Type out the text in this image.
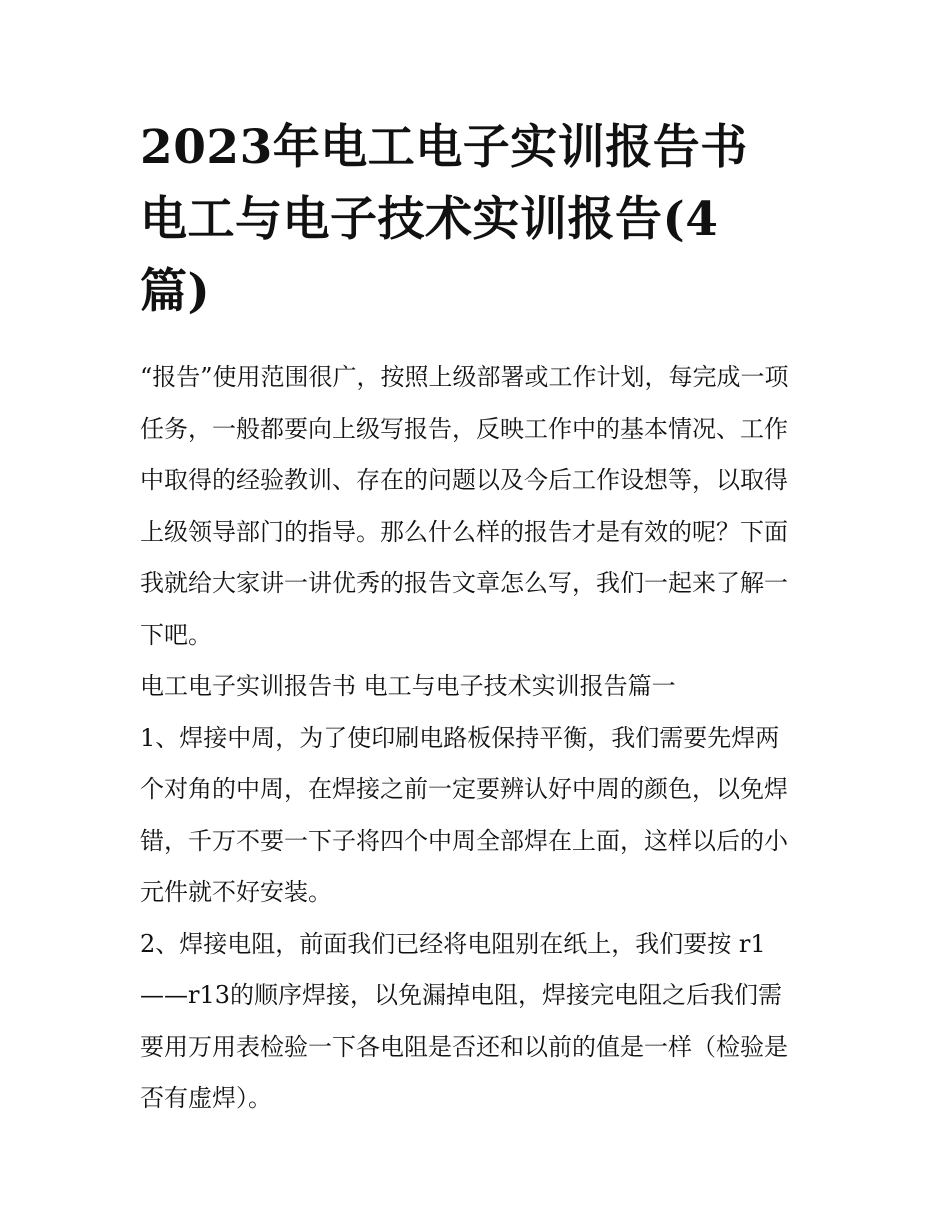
2023年电工电子实训报告书
电工与电子技术实训报告(4
篇)

“报告”使用范围很广，按照上级部署或工作计划，每完成一项
任务，一般都要向上级写报告，反映工作中的基本情况、工作
中取得的经验教训、存在的问题以及今后工作设想等，以取得
上级领导部门的指导。那么什么样的报告才是有效的呢？下面
我就给大家讲一讲优秀的报告文章怎么写，我们一起来了解一
下吧。

电工电子实训报告书 电工与电子技术实训报告篇一

1、焊接中周，为了使印刷电路板保持平衡，我们需要先焊两
个对角的中周，在焊接之前一定要辨认好中周的颜色，以免焊
错，千万不要一下子将四个中周全部焊在上面，这样以后的小
元件就不好安装。

2、焊接电阻，前面我们已经将电阻别在纸上，我们要按 r1
——r13的顺序焊接，以免漏掉电阻，焊接完电阻之后我们需
要用万用表检验一下各电阻是否还和以前的值是一样（检验是
否有虚焊）。
